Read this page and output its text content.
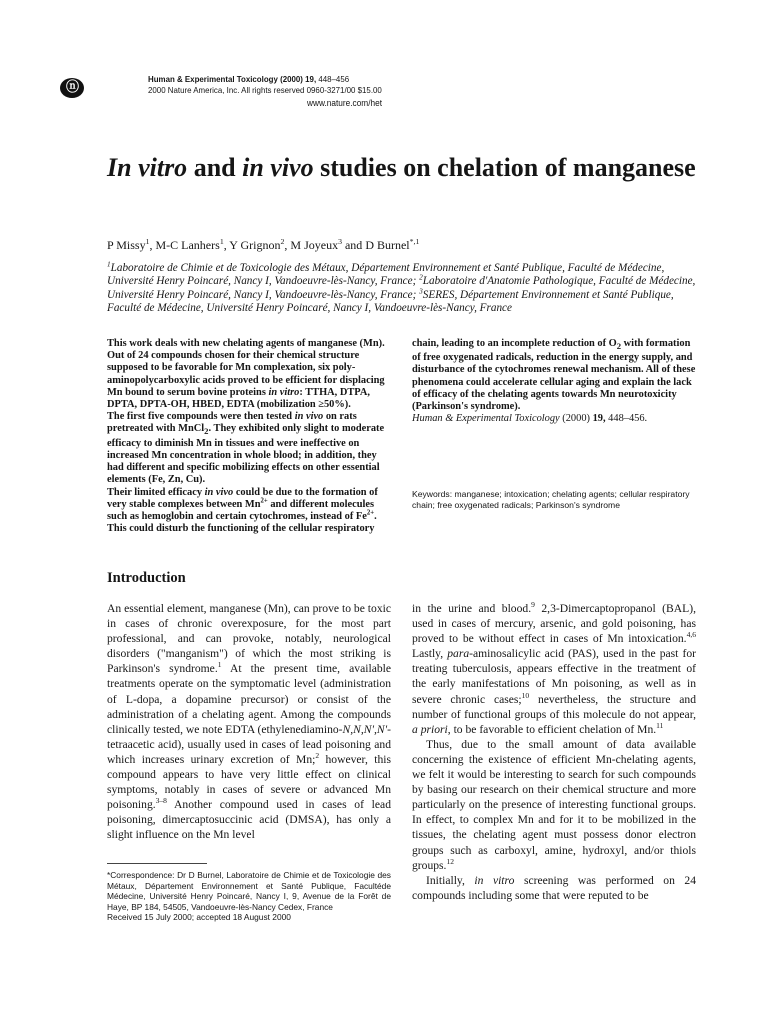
ⓝ
Human & Experimental Toxicology (2000) 19, 448–456
2000 Nature America, Inc. All rights reserved 0960-3271/00 $15.00
www.nature.com/het
In vitro and in vivo studies on chelation of manganese
P Missy$^1$, M-C Lanhers$^1$, Y Grignon$^2$, M Joyeux$^3$ and D Burnel$^{*,1}$
$^1$Laboratoire de Chimie et de Toxicologie des Métaux, Département Environnement et Santé Publique, Faculté de Médecine, Université Henry Poincaré, Nancy I, Vandoeuvre-lès-Nancy, France; $^2$Laboratoire d'Anatomie Pathologique, Faculté de Médecine, Université Henry Poincaré, Nancy I, Vandoeuvre-lès-Nancy, France; $^3$SERES, Département Environnement et Santé Publique, Faculté de Médecine, Université Henry Poincaré, Nancy I, Vandoeuvre-lès-Nancy, France

This work deals with new chelating agents of manganese (Mn).

Out of 24 compounds chosen for their chemical structure supposed to be favorable for Mn complexation, six poly-aminopolycarboxylic acids proved to be efficient for displacing Mn bound to serum bovine proteins in vitro: TTHA, DTPA, DPTA, DPTA-OH, HBED, EDTA (mobilization ≥50%).

The first five compounds were then tested in vivo on rats pretreated with MnCl$_2$. They exhibited only slight to moderate efficacy to diminish Mn in tissues and were ineffective on increased Mn concentration in whole blood; in addition, they had different and specific mobilizing effects on other essential elements (Fe, Zn, Cu).

Their limited efficacy in vivo could be due to the formation of very stable complexes between $Mn^{2+}$ and different molecules such as hemoglobin and certain cytochromes, instead of $Fe^{2+}$. This could disturb the functioning of the cellular respiratory

chain, leading to an incomplete reduction of $O_2$ with formation of free oxygenated radicals, reduction in the energy supply, and disturbance of the cytochromes renewal mechanism. All of these phenomena could accelerate cellular aging and explain the lack of efficacy of the chelating agents towards Mn neurotoxicity (Parkinson's syndrome).

Human & Experimental Toxicology (2000) 19, 448–456.

Keywords: manganese; intoxication; chelating agents; cellular respiratory chain; free oxygenated radicals; Parkinson's syndrome
Introduction

An essential element, manganese (Mn), can prove to be toxic in cases of chronic overexposure, for the most part professional, and can provoke, notably, neurological disorders ("manganism") of which the most striking is Parkinson's syndrome.$^1$ At the present time, available treatments operate on the symptomatic level (administration of L-dopa, a dopamine precursor) or consist of the administration of a chelating agent. Among the compounds clinically tested, we note EDTA (ethylenediamino-N,N,N',N'-tetraacetic acid), usually used in cases of lead poisoning and which increases urinary excretion of Mn;$^2$ however, this compound appears to have very little effect on clinical symptoms, notably in cases of severe or advanced Mn poisoning.$^{3-8}$ Another compound used in cases of lead poisoning, dimercaptosuccinic acid (DMSA), has only a slight influence on the Mn level

in the urine and blood.$^9$ 2,3-Dimercaptopropanol (BAL), used in cases of mercury, arsenic, and gold poisoning, has proved to be without effect in cases of Mn intoxication.$^{4,6}$ Lastly, para-aminosalicylic acid (PAS), used in the past for treating tuberculosis, appears effective in the treatment of the early manifestations of Mn poisoning, as well as in severe chronic cases;$^{10}$ nevertheless, the structure and number of functional groups of this molecule do not appear, a priori, to be favorable to efficient chelation of Mn.$^{11}$

Thus, due to the small amount of data available concerning the existence of efficient Mn-chelating agents, we felt it would be interesting to search for such compounds by basing our research on their chemical structure and more particularly on the presence of interesting functional groups. In effect, to complex Mn and for it to be mobilized in the tissues, the chelating agent must possess donor electron groups such as carboxyl, amine, hydroxyl, and/or thiols groups.$^{12}$

Initially, in vitro screening was performed on 24 compounds including some that were reputed to be

*Correspondence: Dr D Burnel, Laboratoire de Chimie et de Toxicologie des Métaux, Département Environnement et Santé Publique, Facultéde Médecine, Université Henry Poincaré, Nancy I, 9, Avenue de la Forêt de Haye, BP 184, 54505, Vandoeuvre-lès-Nancy Cedex, France
Received 15 July 2000; accepted 18 August 2000
